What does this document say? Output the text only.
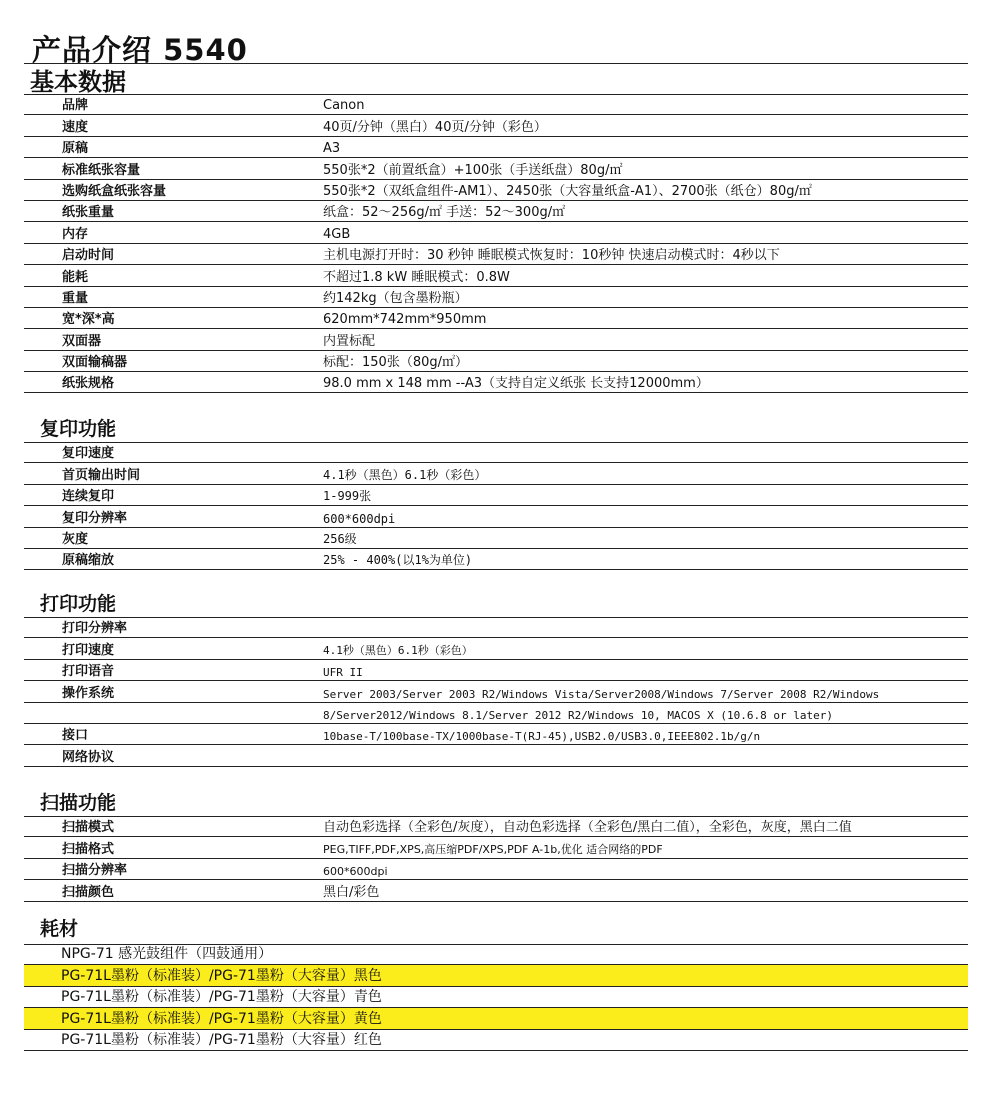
产品介绍 5540
基本数据
品牌	Canon
速度	40页/分钟（黑白）40页/分钟（彩色）
原稿	A3
标准纸张容量	550张*2（前置纸盒）+100张（手送纸盘）80g/㎡
选购纸盒纸张容量	550张*2（双纸盒组件-AM1）、2450张（大容量纸盒-A1）、2700张（纸仓）80g/㎡
纸张重量	纸盒：52～256g/㎡ 手送：52～300g/㎡
内存	4GB
启动时间	主机电源打开时：30 秒钟 睡眠模式恢复时：10秒钟 快速启动模式时：4秒以下
能耗	不超过1.8 kW 睡眠模式：0.8W
重量	约142kg（包含墨粉瓶）
宽*深*高	620mm*742mm*950mm
双面器	内置标配
双面输稿器	标配：150张（80g/㎡）
纸张规格	98.0 mm x 148 mm --A3（支持自定义纸张 长支持12000mm）
复印功能
复印速度
首页输出时间	4.1秒（黑色）6.1秒（彩色）
连续复印	1-999张
复印分辨率	600*600dpi
灰度	256级
原稿缩放	25% - 400%(以1%为单位)
打印功能
打印分辨率
打印速度	4.1秒（黑色）6.1秒（彩色）
打印语音	UFR II
操作系统	Server 2003/Server 2003 R2/Windows Vista/Server2008/Windows 7/Server 2008 R2/Windows
8/Server2012/Windows 8.1/Server 2012 R2/Windows 10, MACOS X (10.6.8 or later)
接口	10base-T/100base-TX/1000base-T(RJ-45),USB2.0/USB3.0,IEEE802.1b/g/n
网络协议
扫描功能
扫描模式	自动色彩选择（全彩色/灰度），自动色彩选择（全彩色/黑白二值），全彩色，灰度，黑白二值
扫描格式	PEG,TIFF,PDF,XPS,高压缩PDF/XPS,PDF A-1b,优化 适合网络的PDF
扫描分辨率	600*600dpi
扫描颜色	黑白/彩色
耗材
NPG-71 感光鼓组件（四鼓通用）
PG-71L墨粉（标准装）/PG-71墨粉（大容量）黑色
PG-71L墨粉（标准装）/PG-71墨粉（大容量）青色
PG-71L墨粉（标准装）/PG-71墨粉（大容量）黄色
PG-71L墨粉（标准装）/PG-71墨粉（大容量）红色
